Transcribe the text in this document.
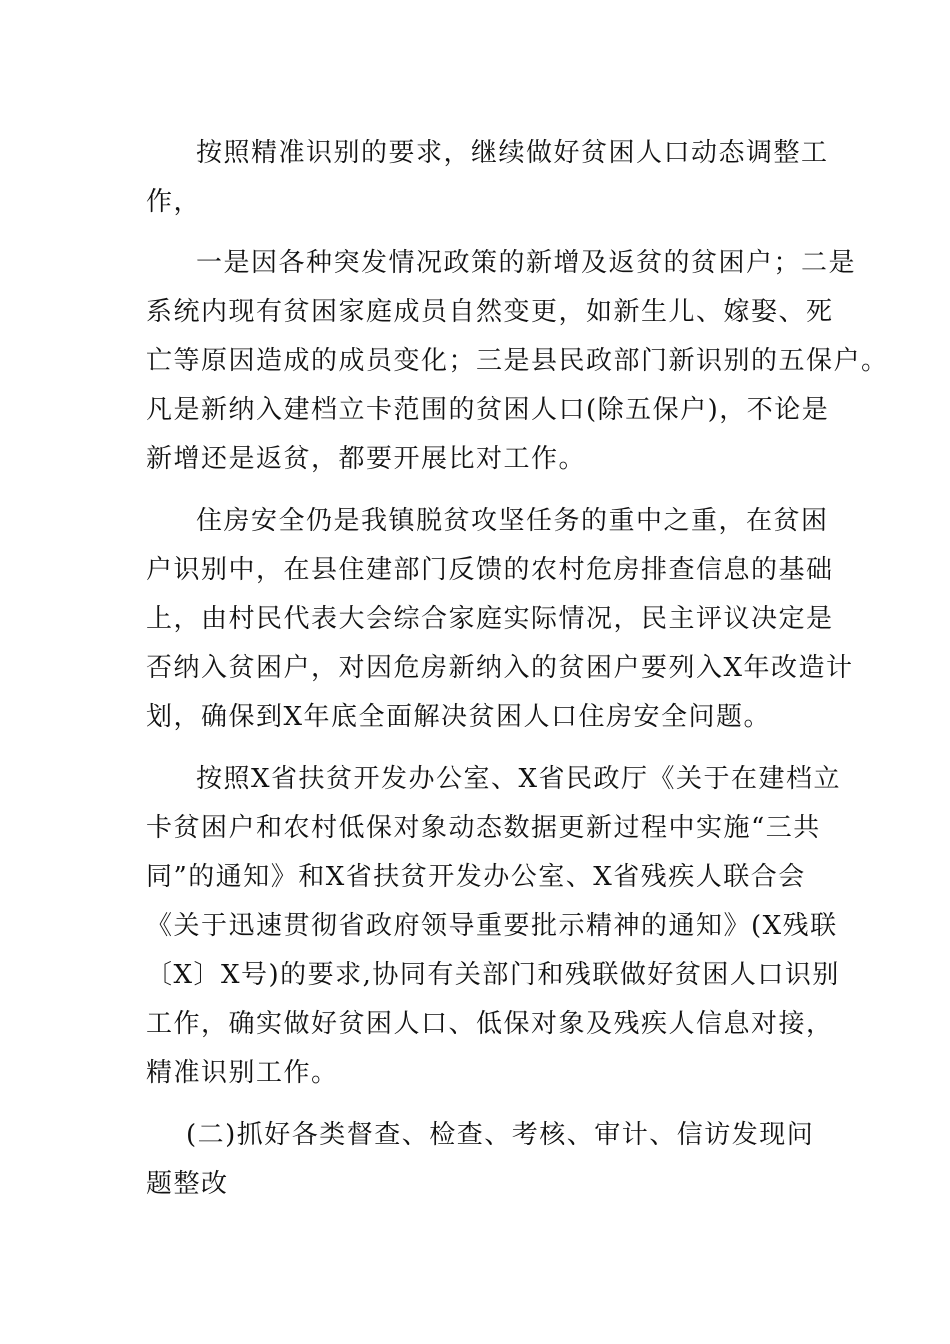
按照精准识别的要求，继续做好贫困人口动态调整工
作，
一是因各种突发情况政策的新增及返贫的贫困户；二是
系统内现有贫困家庭成员自然变更，如新生儿、嫁娶、死
亡等原因造成的成员变化；三是县民政部门新识别的五保户。
凡是新纳入建档立卡范围的贫困人口(除五保户)，不论是
新增还是返贫，都要开展比对工作。
住房安全仍是我镇脱贫攻坚任务的重中之重，在贫困
户识别中，在县住建部门反馈的农村危房排查信息的基础
上，由村民代表大会综合家庭实际情况，民主评议决定是
否纳入贫困户，对因危房新纳入的贫困户要列入X年改造计
划，确保到X年底全面解决贫困人口住房安全问题。
按照X省扶贫开发办公室、X省民政厅《关于在建档立
卡贫困户和农村低保对象动态数据更新过程中实施“三共
同”的通知》和X省扶贫开发办公室、X省残疾人联合会
《关于迅速贯彻省政府领导重要批示精神的通知》(X残联
〔X〕X号)的要求,协同有关部门和残联做好贫困人口识别
工作，确实做好贫困人口、低保对象及残疾人信息对接，
精准识别工作。
(二)抓好各类督查、检查、考核、审计、信访发现问
题整改
